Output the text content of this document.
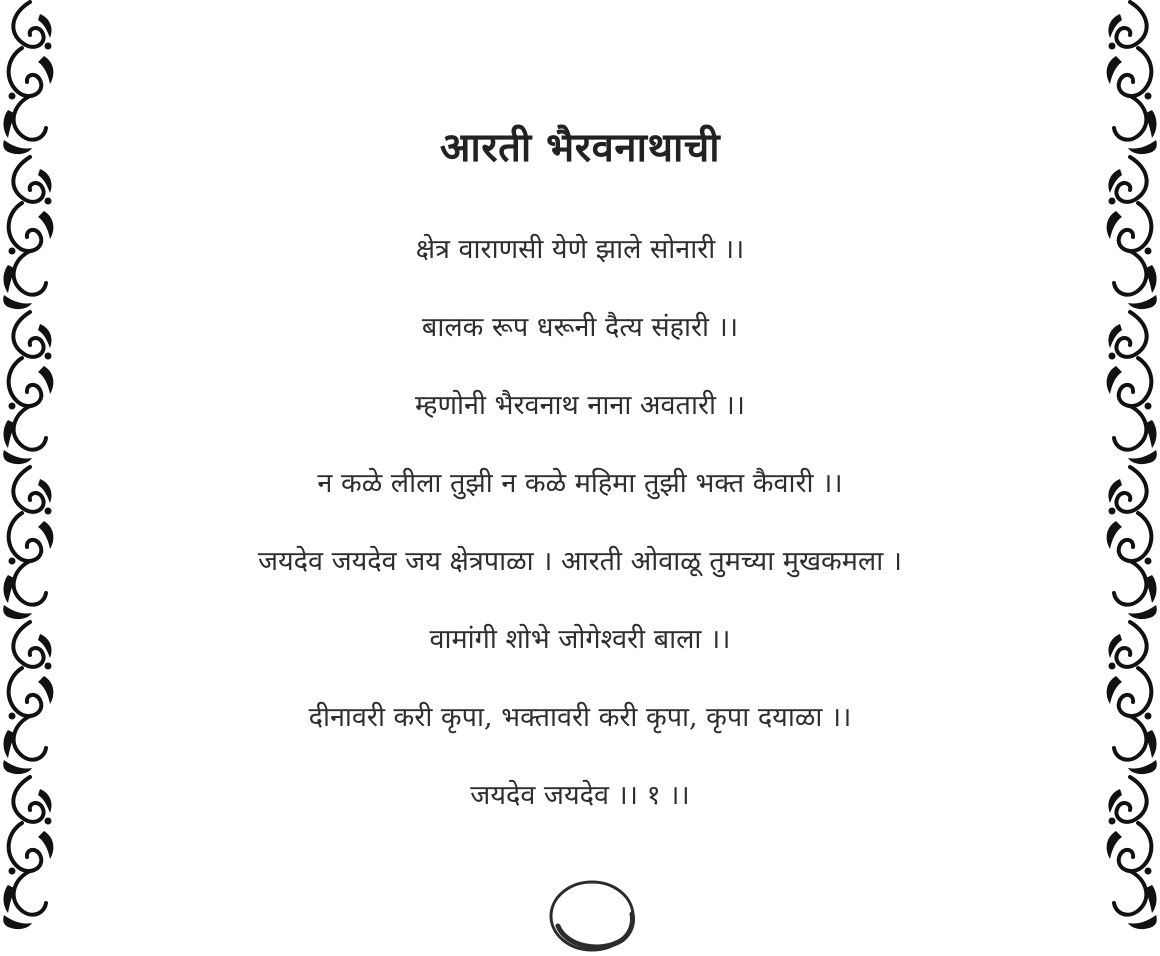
आरती भैरवनाथाची
क्षेत्र वाराणसी येणे झाले सोनारी ।।
बालक रूप धरूनी दैत्य संहारी ।।
म्हणोनी भैरवनाथ नाना अवतारी ।।
न कळे लीला तुझी न कळे महिमा तुझी भक्त कैवारी ।।
जयदेव जयदेव जय क्षेत्रपाळा । आरती ओवाळू तुमच्या मुखकमला ।
वामांगी शोभे जोगेश्वरी बाला ।।
दीनावरी करी कृपा, भक्तावरी करी कृपा, कृपा दयाळा ।।
जयदेव जयदेव ।। १ ।।
